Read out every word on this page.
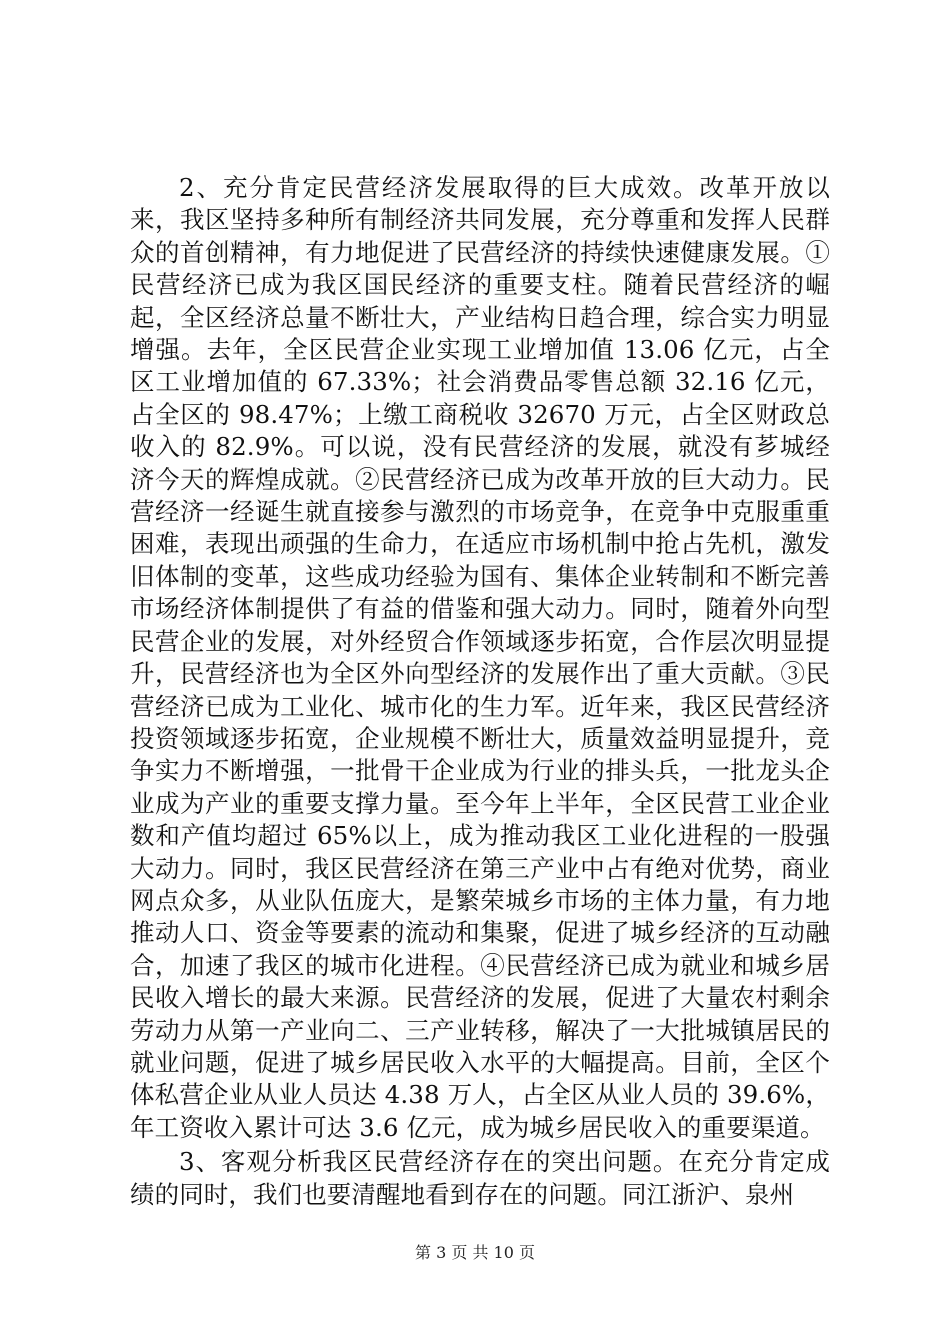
2、充分肯定民营经济发展取得的巨大成效。改革开放以来，我区坚持多种所有制经济共同发展，充分尊重和发挥人民群众的首创精神，有力地促进了民营经济的持续快速健康发展。①民营经济已成为我区国民经济的重要支柱。随着民营经济的崛起，全区经济总量不断壮大，产业结构日趋合理，综合实力明显增强。去年，全区民营企业实现工业增加值 13.06 亿元，占全区工业增加值的 67.33%；社会消费品零售总额 32.16 亿元，占全区的 98.47%；上缴工商税收 32670 万元，占全区财政总收入的 82.9%。可以说，没有民营经济的发展，就没有芗城经济今天的辉煌成就。②民营经济已成为改革开放的巨大动力。民营经济一经诞生就直接参与激烈的市场竞争，在竞争中克服重重困难，表现出顽强的生命力，在适应市场机制中抢占先机，激发旧体制的变革，这些成功经验为国有、集体企业转制和不断完善市场经济体制提供了有益的借鉴和强大动力。同时，随着外向型民营企业的发展，对外经贸合作领域逐步拓宽，合作层次明显提升，民营经济也为全区外向型经济的发展作出了重大贡献。③民营经济已成为工业化、城市化的生力军。近年来，我区民营经济投资领域逐步拓宽，企业规模不断壮大，质量效益明显提升，竞争实力不断增强，一批骨干企业成为行业的排头兵，一批龙头企业成为产业的重要支撑力量。至今年上半年，全区民营工业企业数和产值均超过 65%以上，成为推动我区工业化进程的一股强大动力。同时，我区民营经济在第三产业中占有绝对优势，商业网点众多，从业队伍庞大，是繁荣城乡市场的主体力量，有力地推动人口、资金等要素的流动和集聚，促进了城乡经济的互动融合，加速了我区的城市化进程。④民营经济已成为就业和城乡居民收入增长的最大来源。民营经济的发展，促进了大量农村剩余劳动力从第一产业向二、三产业转移，解决了一大批城镇居民的就业问题，促进了城乡居民收入水平的大幅提高。目前，全区个体私营企业从业人员达 4.38 万人，占全区从业人员的 39.6%，年工资收入累计可达 3.6 亿元，成为城乡居民收入的重要渠道。

3、客观分析我区民营经济存在的突出问题。在充分肯定成绩的同时，我们也要清醒地看到存在的问题。同江浙沪、泉州

第 3 页 共 10 页
